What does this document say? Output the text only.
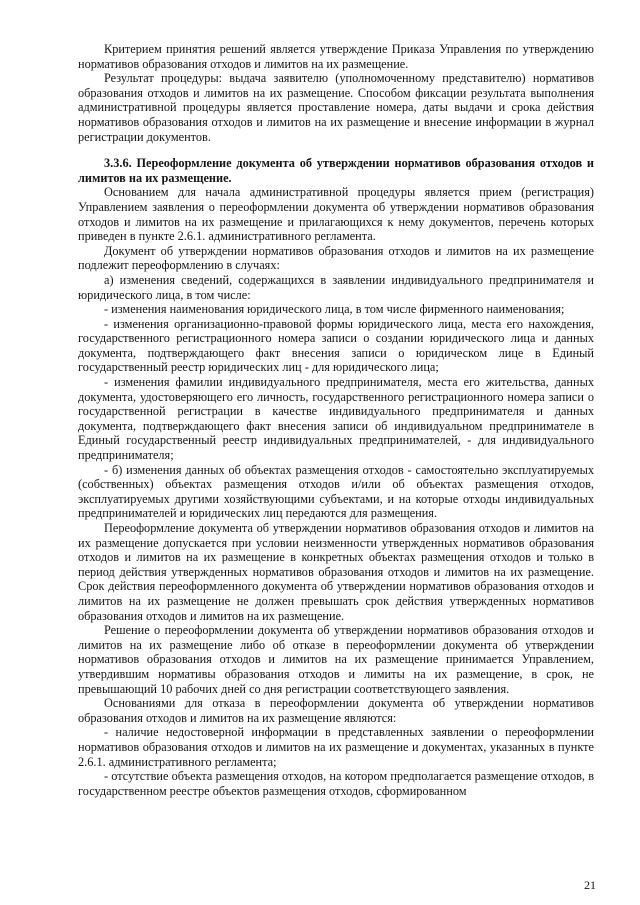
Критерием принятия решений является утверждение Приказа Управления по утверждению нормативов образования отходов и лимитов на их размещение.

Результат процедуры: выдача заявителю (уполномоченному представителю) нормативов образования отходов и лимитов на их размещение. Способом фиксации результата выполнения административной процедуры является проставление номера, даты выдачи и срока действия нормативов образования отходов и лимитов на их размещение и внесение информации в журнал регистрации документов.

3.3.6. Переоформление документа об утверждении нормативов образования отходов и лимитов на их размещение.

Основанием для начала административной процедуры является прием (регистрация) Управлением заявления о переоформлении документа об утверждении нормативов образования отходов и лимитов на их размещение и прилагающихся к нему документов, перечень которых приведен в пункте 2.6.1. административного регламента.

Документ об утверждении нормативов образования отходов и лимитов на их размещение подлежит переоформлению в случаях:

а) изменения сведений, содержащихся в заявлении индивидуального предпринимателя и юридического лица, в том числе:

- изменения наименования юридического лица, в том числе фирменного наименования;

- изменения организационно-правовой формы юридического лица, места его нахождения, государственного регистрационного номера записи о создании юридического лица и данных документа, подтверждающего факт внесения записи о юридическом лице в Единый государственный реестр юридических лиц - для юридического лица;

- изменения фамилии индивидуального предпринимателя, места его жительства, данных документа, удостоверяющего его личность, государственного регистрационного номера записи о государственной регистрации в качестве индивидуального предпринимателя и данных документа, подтверждающего факт внесения записи об индивидуальном предпринимателе в Единый государственный реестр индивидуальных предпринимателей, - для индивидуального предпринимателя;

- б) изменения данных об объектах размещения отходов - самостоятельно эксплуатируемых (собственных) объектах размещения отходов и/или об объектах размещения отходов, эксплуатируемых другими хозяйствующими субъектами, и на которые отходы индивидуальных предпринимателей и юридических лиц передаются для размещения.

Переоформление документа об утверждении нормативов образования отходов и лимитов на их размещение допускается при условии неизменности утвержденных нормативов образования отходов и лимитов на их размещение в конкретных объектах размещения отходов и только в период действия утвержденных нормативов образования отходов и лимитов на их размещение. Срок действия переоформленного документа об утверждении нормативов образования отходов и лимитов на их размещение не должен превышать срок действия утвержденных нормативов образования отходов и лимитов на их размещение.

Решение о переоформлении документа об утверждении нормативов образования отходов и лимитов на их размещение либо об отказе в переоформлении документа об утверждении нормативов образования отходов и лимитов на их размещение принимается Управлением, утвердившим нормативы образования отходов и лимиты на их размещение, в срок, не превышающий 10 рабочих дней со дня регистрации соответствующего заявления.

Основаниями для отказа в переоформлении документа об утверждении нормативов образования отходов и лимитов на их размещение являются:

- наличие недостоверной информации в представленных заявлении о переоформлении нормативов образования отходов и лимитов на их размещение и документах, указанных в пункте 2.6.1. административного регламента;

- отсутствие объекта размещения отходов, на котором предполагается размещение отходов, в государственном реестре объектов размещения отходов, сформированном

21
